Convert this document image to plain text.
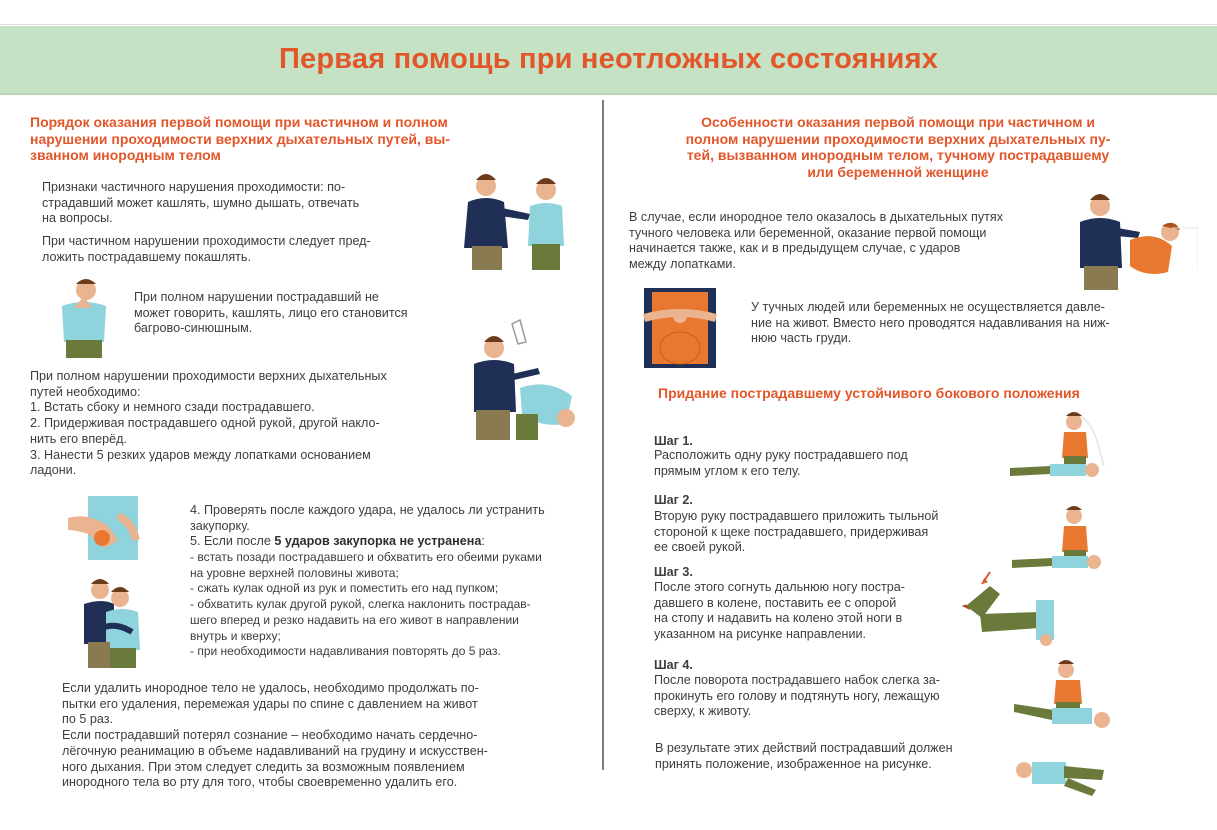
Первая помощь при неотложных состояниях
Порядок оказания первой помощи при частичном и полном
нарушении проходимости верхних дыхательных путей, вы-
званном инородным телом
Признаки частичного нарушения проходимости: по-
страдавший может кашлять, шумно дышать, отвечать
на вопросы.
При частичном нарушении проходимости следует пред-
ложить пострадавшему покашлять.
При полном нарушении пострадавший не
может говорить, кашлять, лицо его становится
багрово-синюшным.
При полном нарушении проходимости верхних дыхательных
путей необходимо:
1. Встать сбоку и немного сзади пострадавшего.
2. Придерживая пострадавшего одной рукой, другой накло-
нить его вперёд.
3. Нанести 5 резких ударов между лопатками основанием
ладони.
4. Проверять после каждого удара, не удалось ли устранить
закупорку.
5. Если после 5 ударов закупорка не устранена:
- встать позади пострадавшего и обхватить его обеими руками
на уровне верхней половины живота;
- сжать кулак одной из рук и поместить его над пупком;
- обхватить кулак другой рукой, слегка наклонить пострадав-
шего вперед и резко надавить на его живот в направлении
внутрь и кверху;
- при необходимости надавливания повторять до 5 раз.
Если удалить инородное тело не удалось, необходимо продолжать по-
пытки его удаления, перемежая удары по спине с давлением на живот
по 5 раз.
Если пострадавший потерял сознание – необходимо начать сердечно-
лёгочную реанимацию в объеме надавливаний на грудину и искусствен-
ного дыхания. При этом следует следить за возможным появлением
инородного тела во рту для того, чтобы своевременно удалить его.
Особенности оказания первой помощи при частичном и
полном нарушении проходимости верхних дыхательных пу-
тей, вызванном инородным телом, тучному пострадавшему
или беременной женщине
В случае, если инородное тело оказалось в дыхательных путях
тучного человека или беременной, оказание первой помощи
начинается также, как и в предыдущем случае, с ударов
между лопатками.
У тучных людей или беременных не осуществляется давле-
ние на живот. Вместо него проводятся надавливания на ниж-
нюю часть груди.
Придание пострадавшему устойчивого бокового положения
Шаг 1.
Расположить одну руку пострадавшего под
прямым углом к его телу.
Шаг 2.
Вторую руку пострадавшего приложить тыльной
стороной к щеке пострадавшего, придерживая
ее своей рукой.
Шаг 3.
После этого согнуть дальнюю ногу постра-
давшего в колене, поставить ее с опорой
на стопу и надавить на колено этой ноги в
указанном на рисунке направлении.
Шаг 4.
После поворота пострадавшего набок слегка за-
прокинуть его голову и подтянуть ногу, лежащую
сверху, к животу.
В результате этих действий пострадавший должен
принять положение, изображенное на рисунке.
